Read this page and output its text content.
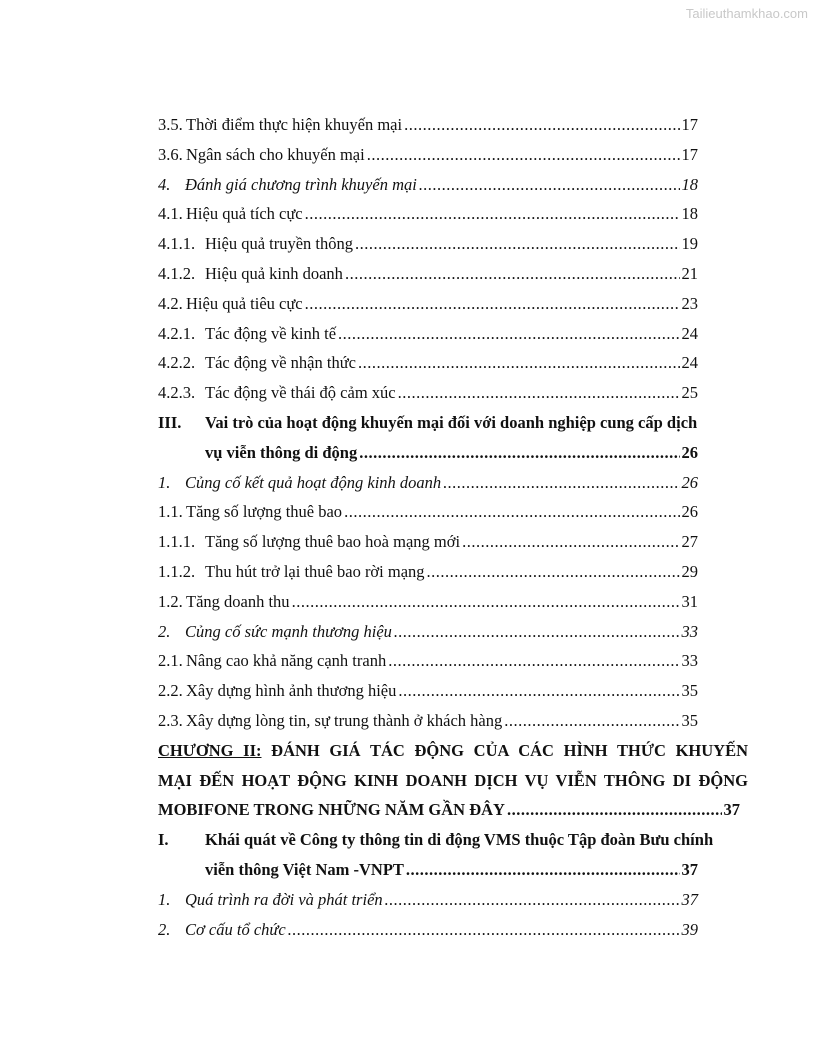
Tailieuthamkhao.com
3.5. Thời điểm thực hiện khuyến mại .....	17
3.6. Ngân sách cho khuyến mại .....	17
4. Đánh giá chương trình khuyến mại .....	18
4.1. Hiệu quả tích cực .....	18
4.1.1. Hiệu quả truyền thông .....	19
4.1.2. Hiệu quả kinh doanh .....	21
4.2. Hiệu quả tiêu cực .....	23
4.2.1. Tác động về kinh tế .....	24
4.2.2. Tác động về nhận thức .....	24
4.2.3. Tác động về thái độ cảm xúc .....	25
III.	Vai trò của hoạt động khuyến mại đối với doanh nghiệp cung cấp dịch
vụ viễn thông di động .....	26
1. Củng cố kết quả hoạt động kinh doanh .....	26
1.1. Tăng số lượng thuê bao .....	26
1.1.1. Tăng số lượng thuê bao hoà mạng mới .....	27
1.1.2. Thu hút trở lại thuê bao rời mạng .....	29
1.2. Tăng doanh thu .....	31
2. Củng cố sức mạnh thương hiệu .....	33
2.1. Nâng cao khả năng cạnh tranh .....	33
2.2. Xây dựng hình ảnh thương hiệu .....	35
2.3. Xây dựng lòng tin, sự trung thành ở khách hàng .....	35
CHƯƠNG II: ĐÁNH GIÁ TÁC ĐỘNG CỦA CÁC HÌNH THỨC KHUYẾN
MẠI ĐẾN HOẠT ĐỘNG KINH DOANH DỊCH VỤ VIỄN THÔNG DI ĐỘNG
MOBIFONE TRONG NHỮNG NĂM GẦN ĐÂY .....	37
I.	Khái quát về Công ty thông tin di động VMS thuộc Tập đoàn Bưu chính
viễn thông Việt Nam -VNPT .....	37
1. Quá trình ra đời và phát triển .....	37
2. Cơ cấu tổ chức .....	39
